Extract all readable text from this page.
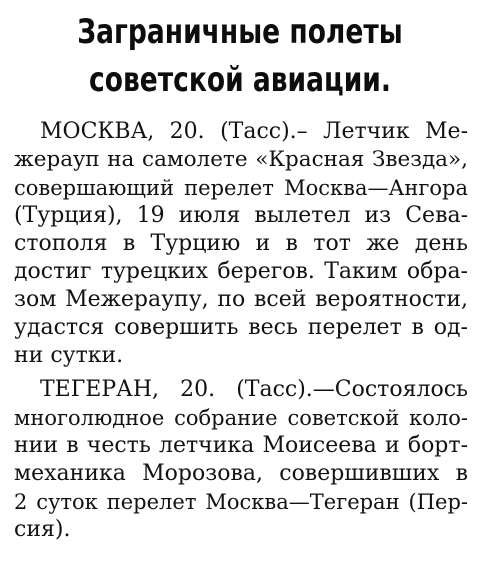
Заграничные полеты
советской авиации.
МОСКВА, 20. (Тасс).– Летчик Ме-
жераyп на самолете «Красная Звезда»,
совершающий перелет Москва—Ангора
(Турция), 19 июля вылетел из Сева-
стополя в Турцию и в тот же день
достиг турецких берегов. Таким обра-
зом Межераупу, по всей вероятности,
удастся совершить весь перелет в од-
ни сутки.
ТЕГЕРАН, 20. (Тасс).—Состоялось
многолюдное собрание советской коло-
нии в честь летчика Моисеева и борт-
механика Морозова, совершивших в
2 суток перелет Москва—Тегеран (Пер-
сия).
